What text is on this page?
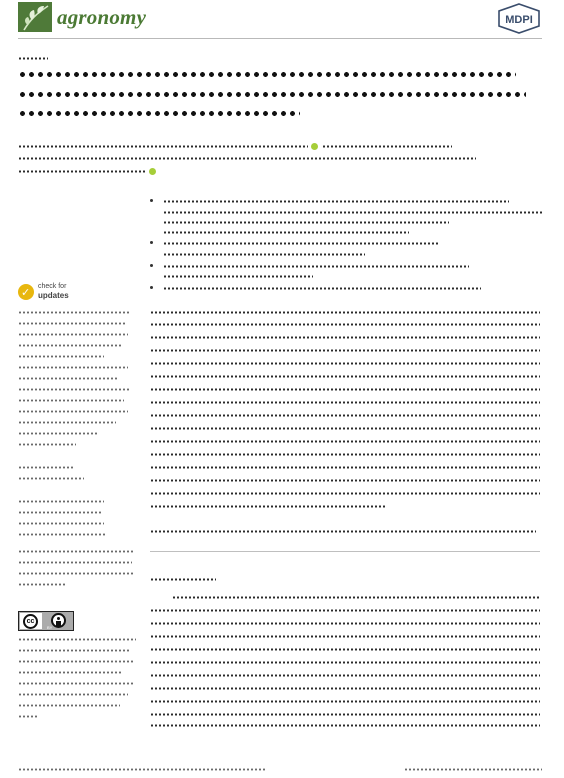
agronomy	MDPI
✓ check for
updates
cc
BY
